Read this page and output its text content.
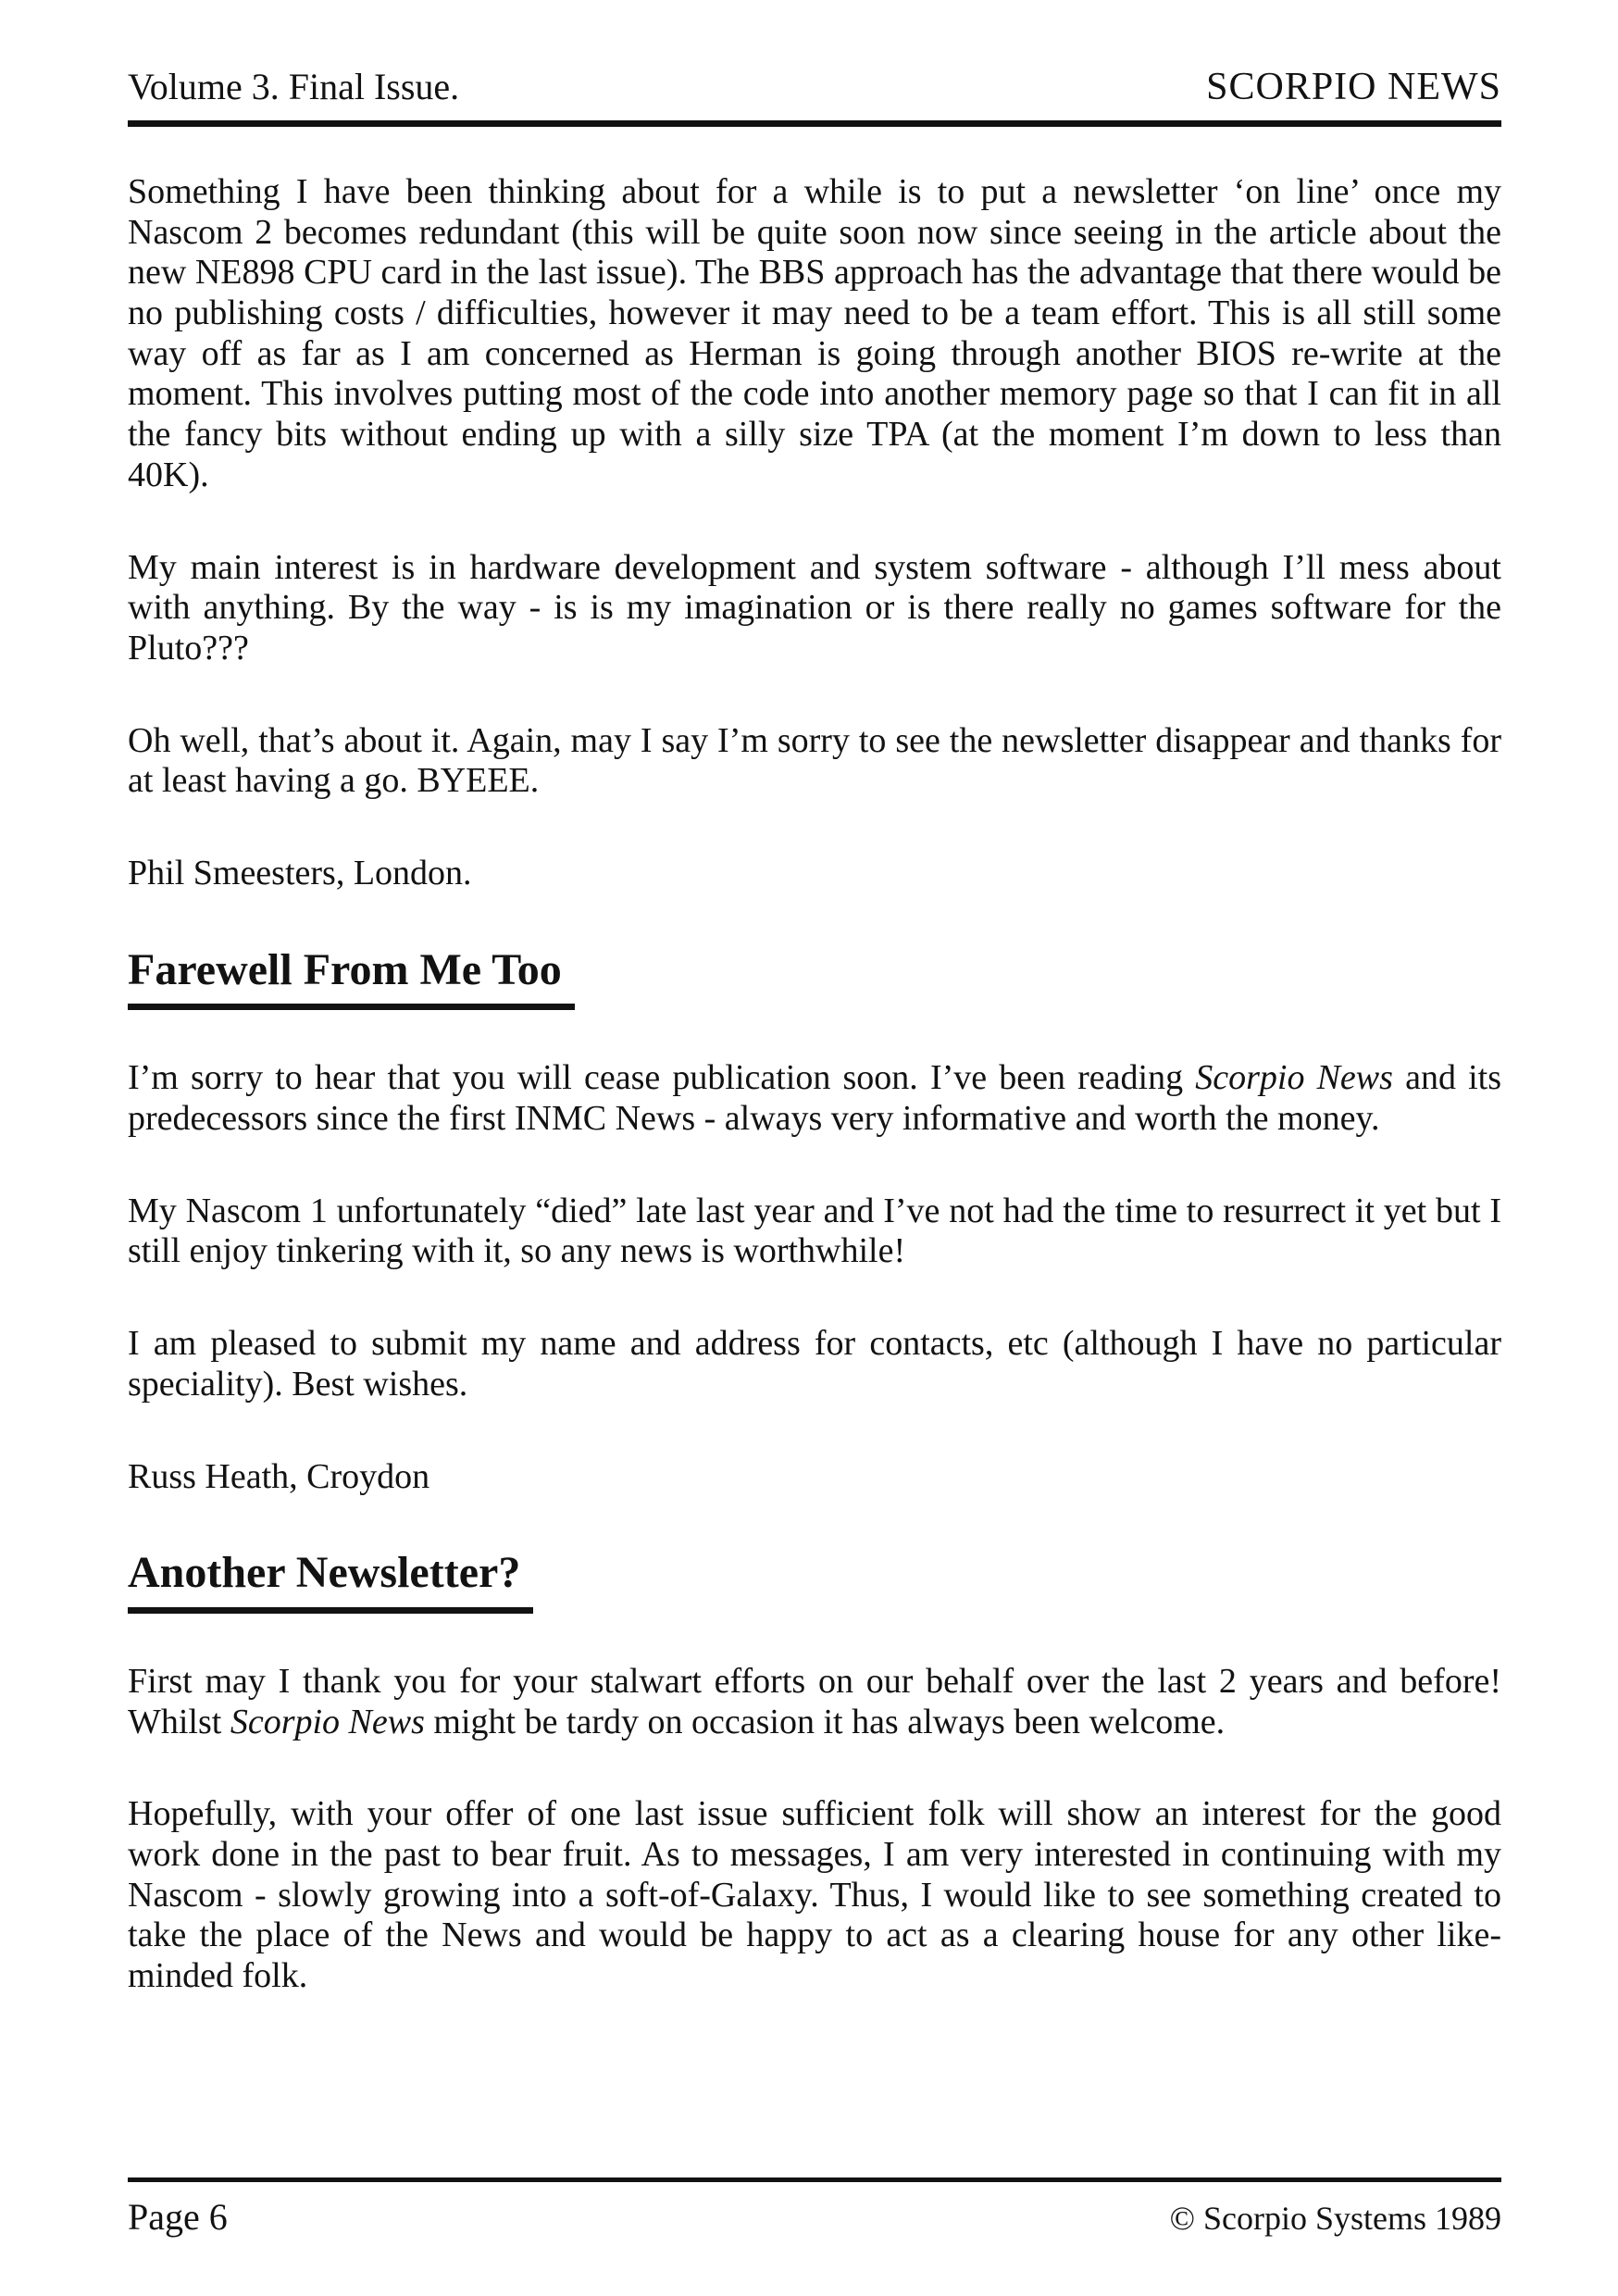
Volume 3. Final Issue.	SCORPIO NEWS

Something I have been thinking about for a while is to put a newsletter ‘on line’ once my Nascom 2 becomes redundant (this will be quite soon now since seeing in the article about the new NE898 CPU card in the last issue). The BBS approach has the advantage that there would be no publishing costs / difficulties, however it may need to be a team effort. This is all still some way off as far as I am concerned as Herman is going through another BIOS re-write at the moment. This involves putting most of the code into another memory page so that I can fit in all the fancy bits without ending up with a silly size TPA (at the moment I’m down to less than 40K).

My main interest is in hardware development and system software - although I’ll mess about with anything. By the way - is is my imagination or is there really no games software for the Pluto???

Oh well, that’s about it. Again, may I say I’m sorry to see the newsletter disappear and thanks for at least having a go. BYEEE.

Phil Smeesters, London.

Farewell From Me Too

I’m sorry to hear that you will cease publication soon. I’ve been reading Scorpio News and its predecessors since the first INMC News - always very informative and worth the money.

My Nascom 1 unfortunately “died” late last year and I’ve not had the time to resurrect it yet but I still enjoy tinkering with it, so any news is worthwhile!

I am pleased to submit my name and address for contacts, etc (although I have no particular speciality). Best wishes.

Russ Heath, Croydon

Another Newsletter?

First may I thank you for your stalwart efforts on our behalf over the last 2 years and before! Whilst Scorpio News might be tardy on occasion it has always been welcome.

Hopefully, with your offer of one last issue sufficient folk will show an interest for the good work done in the past to bear fruit. As to messages, I am very interested in continuing with my Nascom - slowly growing into a soft-of-Galaxy. Thus, I would like to see something created to take the place of the News and would be happy to act as a clearing house for any other like-minded folk.

Page 6	© Scorpio Systems 1989
